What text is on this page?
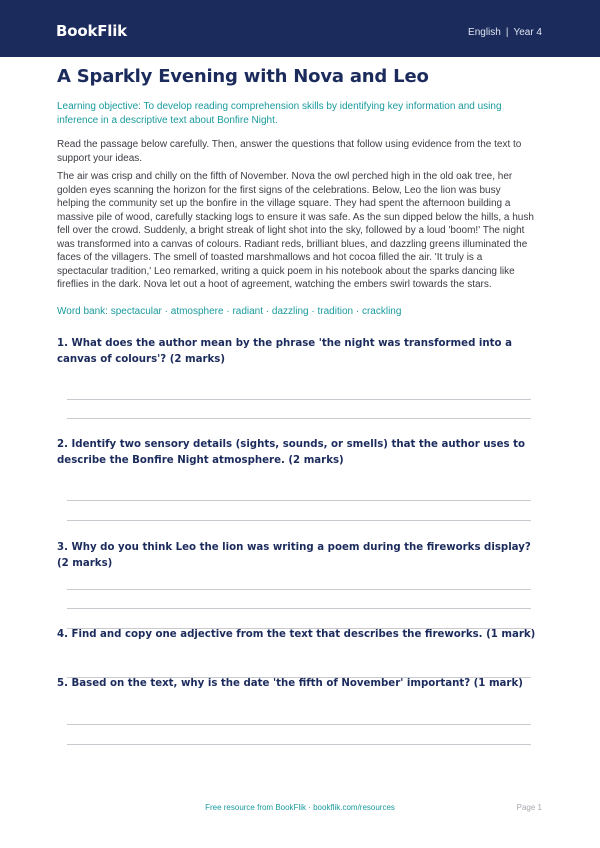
BookFlik	English | Year 4
A Sparkly Evening with Nova and Leo
Learning objective: To develop reading comprehension skills by identifying key information and using inference in a descriptive text about Bonfire Night.
Read the passage below carefully. Then, answer the questions that follow using evidence from the text to support your ideas.
The air was crisp and chilly on the fifth of November. Nova the owl perched high in the old oak tree, her golden eyes scanning the horizon for the first signs of the celebrations. Below, Leo the lion was busy helping the community set up the bonfire in the village square. They had spent the afternoon building a massive pile of wood, carefully stacking logs to ensure it was safe. As the sun dipped below the hills, a hush fell over the crowd. Suddenly, a bright streak of light shot into the sky, followed by a loud 'boom!' The night was transformed into a canvas of colours. Radiant reds, brilliant blues, and dazzling greens illuminated the faces of the villagers. The smell of toasted marshmallows and hot cocoa filled the air. 'It truly is a spectacular tradition,' Leo remarked, writing a quick poem in his notebook about the sparks dancing like fireflies in the dark. Nova let out a hoot of agreement, watching the embers swirl towards the stars.
Word bank: spectacular · atmosphere · radiant · dazzling · tradition · crackling
1. What does the author mean by the phrase 'the night was transformed into a canvas of colours'? (2 marks)
2. Identify two sensory details (sights, sounds, or smells) that the author uses to describe the Bonfire Night atmosphere. (2 marks)
3. Why do you think Leo the lion was writing a poem during the fireworks display? (2 marks)
4. Find and copy one adjective from the text that describes the fireworks. (1 mark)
5. Based on the text, why is the date 'the fifth of November' important? (1 mark)
Free resource from BookFlik · bookflik.com/resources	Page 1
